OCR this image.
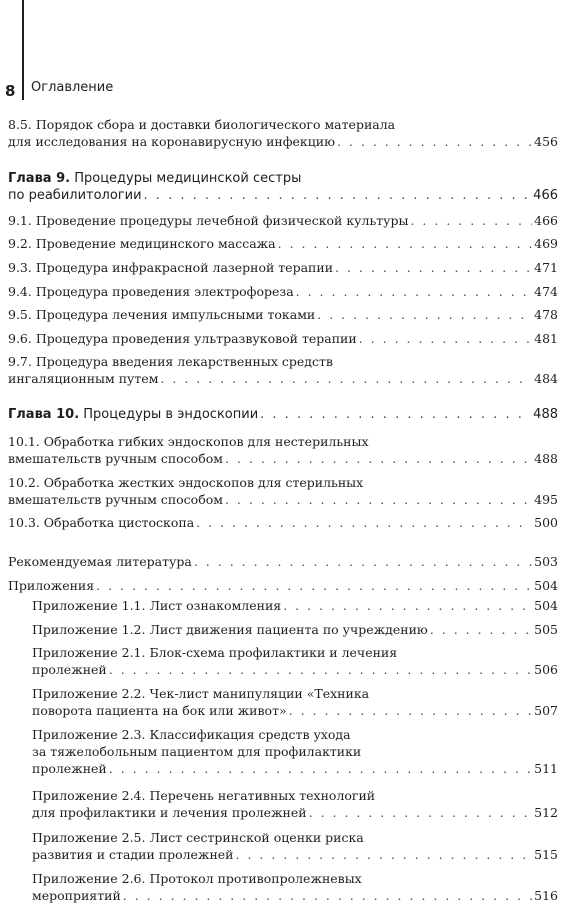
8 Оглавление
8.5. Порядок сбора и доставки биологического материала
для исследования на коронавирусную инфекцию . . .	456
Глава 9. Процедуры медицинской сестры
по реабилитологии . . .	466
9.1. Проведение процедуры лечебной физической культуры . . .	466
9.2. Проведение медицинского массажа . . .	469
9.3. Процедура инфракрасной лазерной терапии . . .	471
9.4. Процедура проведения электрофореза . . .	474
9.5. Процедура лечения импульсными токами . . .	478
9.6. Процедура проведения ультразвуковой терапии . . .	481
9.7. Процедура введения лекарственных средств
ингаляционным путем . . .	484
Глава 10. Процедуры в эндоскопии . . .	488
10.1. Обработка гибких эндоскопов для нестерильных
вмешательств ручным способом . . .	488
10.2. Обработка жестких эндоскопов для стерильных
вмешательств ручным способом . . .	495
10.3. Обработка цистоскопа . . .	500
Рекомендуемая литература . . .	503
Приложения . . .	504
Приложение 1.1. Лист ознакомления . . .	504
Приложение 1.2. Лист движения пациента по учреждению . . .	505
Приложение 2.1. Блок-схема профилактики и лечения
пролежней . . .	506
Приложение 2.2. Чек-лист манипуляции «Техника
поворота пациента на бок или живот» . . .	507
Приложение 2.3. Классификация средств ухода
за тяжелобольным пациентом для профилактики
пролежней . . .	511
Приложение 2.4. Перечень негативных технологий
для профилактики и лечения пролежней . . .	512
Приложение 2.5. Лист сестринской оценки риска
развития и стадии пролежней . . .	515
Приложение 2.6. Протокол противопролежневых
мероприятий . . .	516
